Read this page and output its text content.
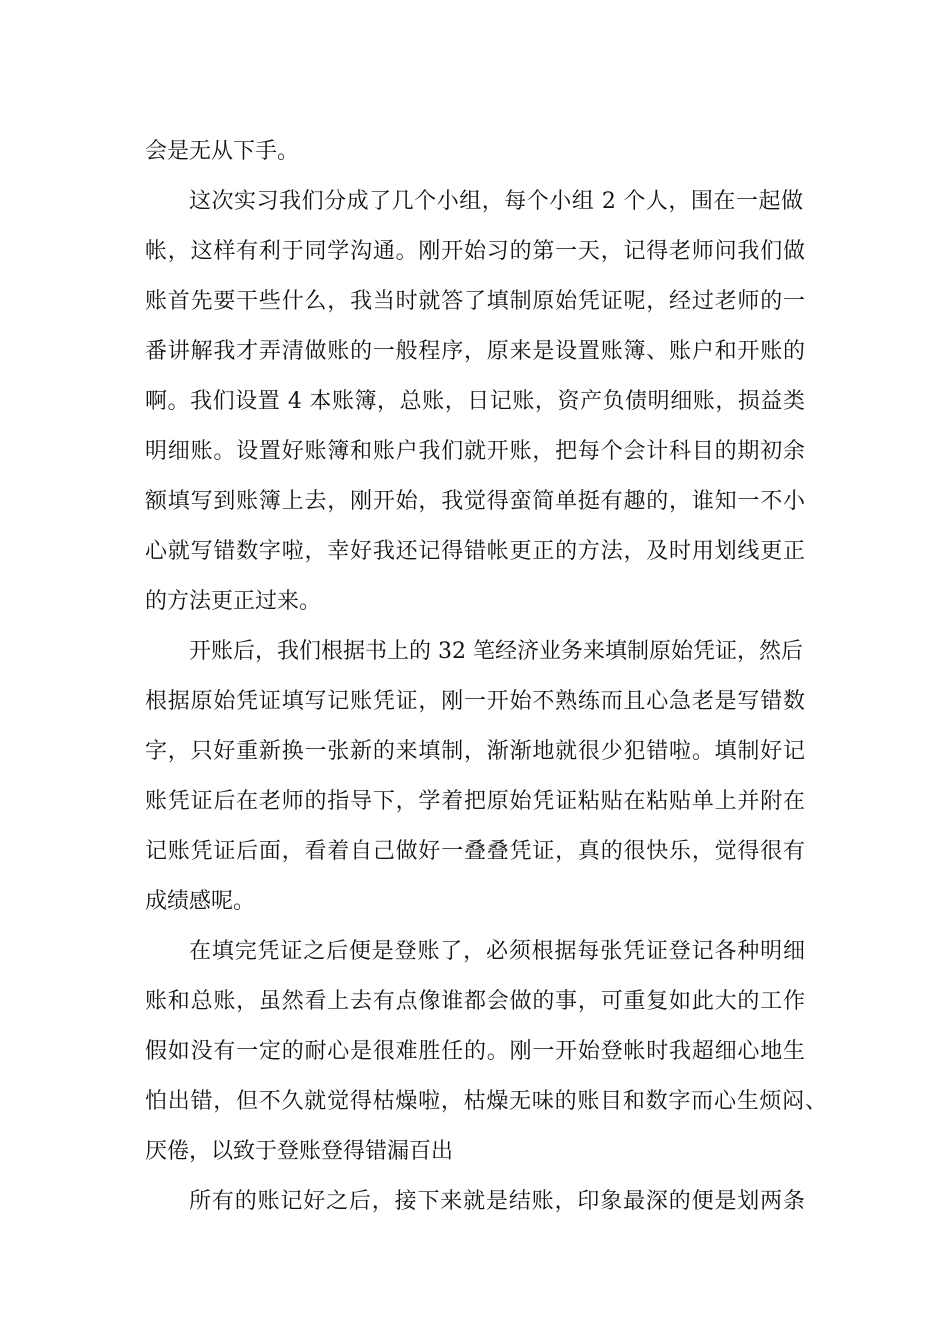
会是无从下手。
这次实习我们分成了几个小组，每个小组 2 个人，围在一起做
帐，这样有利于同学沟通。刚开始习的第一天，记得老师问我们做
账首先要干些什么，我当时就答了填制原始凭证呢，经过老师的一
番讲解我才弄清做账的一般程序，原来是设置账簿、账户和开账的
啊。我们设置 4 本账簿，总账，日记账，资产负债明细账，损益类
明细账。设置好账簿和账户我们就开账，把每个会计科目的期初余
额填写到账簿上去，刚开始，我觉得蛮简单挺有趣的，谁知一不小
心就写错数字啦，幸好我还记得错帐更正的方法，及时用划线更正
的方法更正过来。
开账后，我们根据书上的 32 笔经济业务来填制原始凭证，然后
根据原始凭证填写记账凭证，刚一开始不熟练而且心急老是写错数
字，只好重新换一张新的来填制，渐渐地就很少犯错啦。填制好记
账凭证后在老师的指导下，学着把原始凭证粘贴在粘贴单上并附在
记账凭证后面，看着自己做好一叠叠凭证，真的很快乐，觉得很有
成绩感呢。
在填完凭证之后便是登账了，必须根据每张凭证登记各种明细
账和总账，虽然看上去有点像谁都会做的事，可重复如此大的工作
假如没有一定的耐心是很难胜任的。刚一开始登帐时我超细心地生
怕出错，但不久就觉得枯燥啦，枯燥无味的账目和数字而心生烦闷、
厌倦，以致于登账登得错漏百出
所有的账记好之后，接下来就是结账，印象最深的便是划两条
